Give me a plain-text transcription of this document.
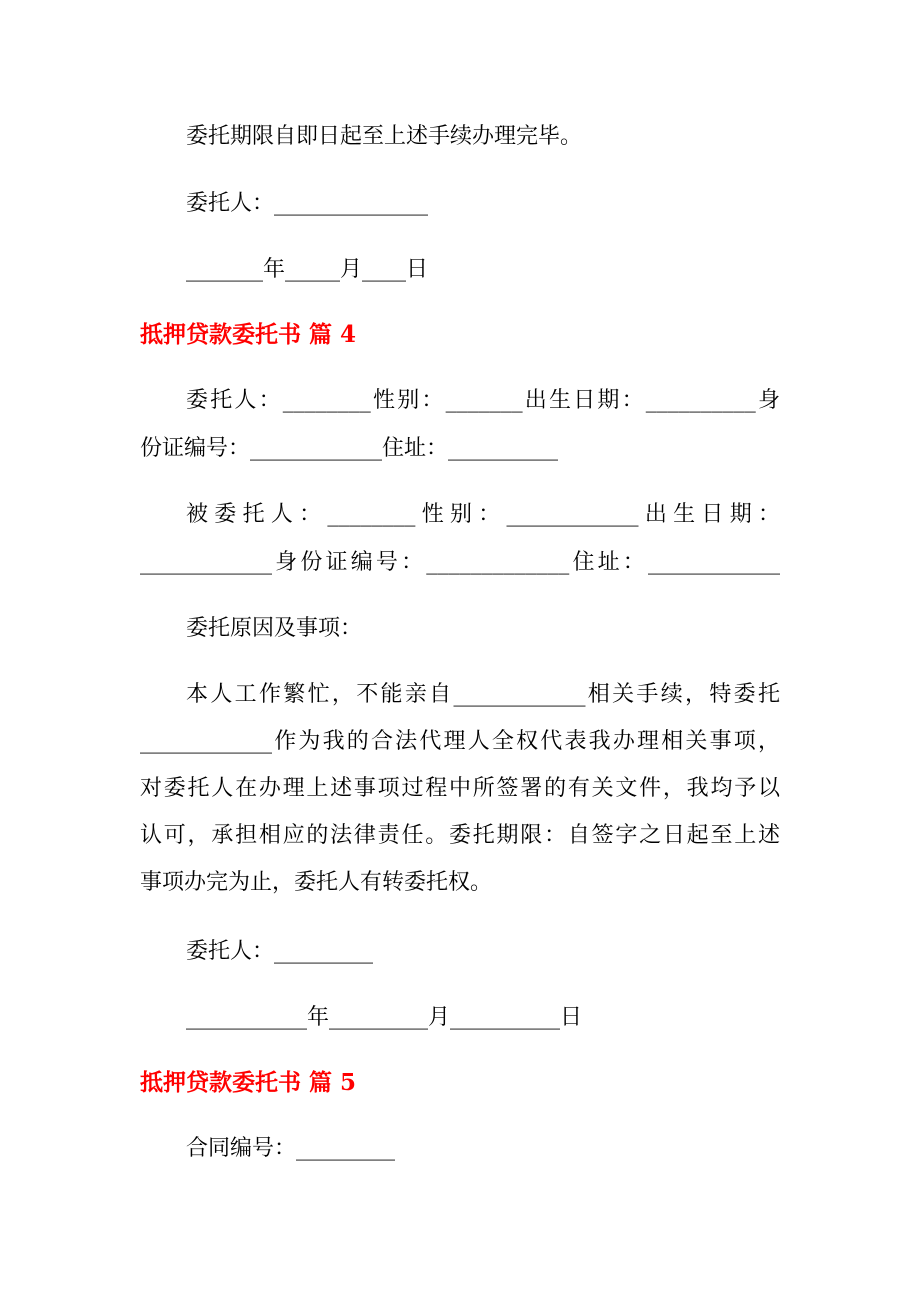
委托期限自即日起至上述手续办理完毕。
委托人：______________
_______年_____月____日
抵押贷款委托书 篇 4
委托人：________性别：_______出生日期：__________身
份证编号：____________住址：__________
被委托人：________性别：____________出生日期：
____________身份证编号：_____________住址：____________
委托原因及事项：
本人工作繁忙，不能亲自____________相关手续，特委托
____________作为我的合法代理人全权代表我办理相关事项，
对委托人在办理上述事项过程中所签署的有关文件，我均予以
认可，承担相应的法律责任。委托期限：自签字之日起至上述
事项办完为止，委托人有转委托权。
委托人：_________
___________年_________月__________日
抵押贷款委托书 篇 5
合同编号：_________
